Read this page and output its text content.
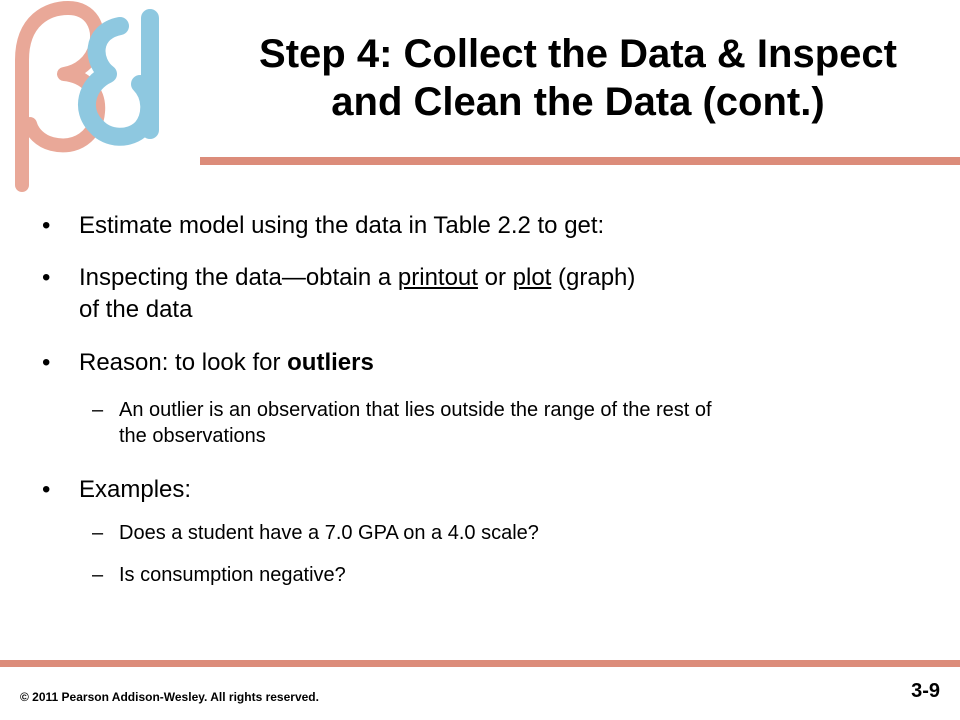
Step 4: Collect the Data & Inspect
and Clean the Data (cont.)
• Estimate model using the data in Table 2.2 to get:
• Inspecting the data—obtain a printout or plot (graph)
of the data
• Reason: to look for outliers
– An outlier is an observation that lies outside the range of the rest of
the observations
• Examples:
– Does a student have a 7.0 GPA on a 4.0 scale?
– Is consumption negative?
© 2011 Pearson Addison-Wesley. All rights reserved.	3-9
